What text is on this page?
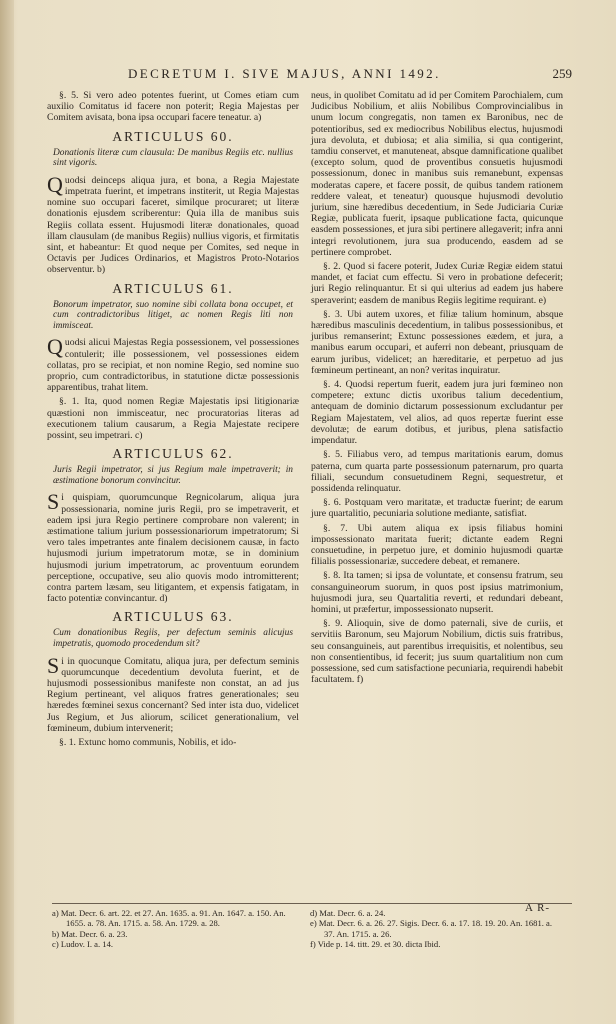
DECRETUM I. SIVE MAJUS, ANNI 1492.	259

§. 5. Si vero adeo potentes fuerint, ut Comes etiam cum auxilio Comitatus id facere non poterit; Regia Majestas per Comitem avisata, bona ipsa occupari facere teneatur. a)

ARTICULUS 60.

Donationis literæ cum clausula: De manibus Regiis etc. nullius sint vigoris.

Quodsi deinceps aliqua jura, et bona, a Regia Majestate impetrata fuerint, et impetrans institerit, ut Regia Majestas nomine suo occupari faceret, similque procuraret; ut literæ donationis ejusdem scriberentur: Quia illa de manibus suis Regiis collata essent. Hujusmodi literæ donationales, quoad illam clausulam (de manibus Regiis) nullius vigoris, et firmitatis sint, et habeantur: Et quod neque per Comites, sed neque in Octavis per Judices Ordinarios, et Magistros Proto-Notarios observentur. b)

ARTICULUS 61.

Bonorum impetrator, suo nomine sibi collata bona occupet, et cum contradictoribus litiget, ac nomen Regis liti non immisceat.

Quodsi alicui Majestas Regia possessionem, vel possessiones contulerit; ille possessionem, vel possessiones eidem collatas, pro se recipiat, et non nomine Regio, sed nomine suo proprio, cum contradictoribus, in statutione dictæ possessionis apparentibus, trahat litem.

§. 1. Ita, quod nomen Regiæ Majestatis ipsi litigionariæ quæstioni non immisceatur, nec procuratorias literas ad executionem talium causarum, a Regia Majestate recipere possint, seu impetrari. c)

ARTICULUS 62.

Juris Regii impetrator, si jus Regium male impetraverit; in æstimatione bonorum convincitur.

Si quispiam, quorumcunque Regnicolarum, aliqua jura possessionaria, nomine juris Regii, pro se impetraverit, et eadem ipsi jura Regio pertinere comprobare non valerent; in æstimatione talium jurium possessionariorum impetratorum; Si vero tales impetrantes ante finalem decisionem causæ, in facto hujusmodi jurium impetratorum motæ, se in dominium hujusmodi jurium impetratorum, ac proventuum eorundem perceptione, occupative, seu alio quovis modo intromitterent; contra partem læsam, seu litigantem, et expensis fatigatam, in facto potentiæ convincantur. d)

ARTICULUS 63.

Cum donationibus Regiis, per defectum seminis alicujus impetratis, quomodo procedendum sit?

Si in quocunque Comitatu, aliqua jura, per defectum seminis quorumcunque decedentium devoluta fuerint, et de hujusmodi possessionibus manifeste non constat, an ad jus Regium pertineant, vel aliquos fratres generationales; seu hæredes fœminei sexus concernant? Sed inter ista duo, videlicet Jus Regium, et Jus aliorum, scilicet generationalium, vel fœmineum, dubium intervenerit;

§. 1. Extunc homo communis, Nobilis, et ido-

neus, in quolibet Comitatu ad id per Comitem Parochialem, cum Judicibus Nobilium, et aliis Nobilibus Comprovincialibus in unum locum congregatis, non tamen ex Baronibus, nec de potentioribus, sed ex mediocribus Nobilibus electus, hujusmodi jura devoluta, et dubiosa; et alia similia, si qua contigerint, tamdiu conservet, et manuteneat, absque damnificatione qualibet (excepto solum, quod de proventibus consuetis hujusmodi possessionum, donec in manibus suis remanebunt, expensas moderatas capere, et facere possit, de quibus tandem rationem reddere valeat, et teneatur) quousque hujusmodi devolutio jurium, sine hæredibus decedentium, in Sede Judiciaria Curiæ Regiæ, publicata fuerit, ipsaque publicatione facta, quicunque easdem possessiones, et jura sibi pertinere allegaverit; infra anni integri revolutionem, jura sua producendo, easdem ad se pertinere comprobet.

§. 2. Quod si facere poterit, Judex Curiæ Regiæ eidem statui mandet, et faciat cum effectu. Si vero in probatione defecerit; juri Regio relinquantur. Et si qui ulterius ad eadem jus habere speraverint; easdem de manibus Regiis legitime requirant. e)

§. 3. Ubi autem uxores, et filiæ talium hominum, absque hæredibus masculinis decedentium, in talibus possessionibus, et juribus remanserint; Extunc possessiones eædem, et jura, a manibus earum occupari, et auferri non debeant, priusquam de earum juribus, videlicet; an hæreditarie, et perpetuo ad jus fœmineum pertineant, an non? veritas inquiratur.

§. 4. Quodsi repertum fuerit, eadem jura juri fœmineo non competere; extunc dictis uxoribus talium decedentium, antequam de dominio dictarum possessionum excludantur per Regiam Majestatem, vel alios, ad quos repertæ fuerint esse devolutæ; de earum dotibus, et juribus, plena satisfactio impendatur.

§. 5. Filiabus vero, ad tempus maritationis earum, domus paterna, cum quarta parte possessionum paternarum, pro quarta filiali, secundum consuetudinem Regni, sequestretur, et possidenda relinquatur.

§. 6. Postquam vero maritatæ, et traductæ fuerint; de earum jure quartalitio, pecuniaria solutione mediante, satisfiat.

§. 7. Ubi autem aliqua ex ipsis filiabus homini impossessionato maritata fuerit; dictante eadem Regni consuetudine, in perpetuo jure, et dominio hujusmodi quartæ filialis possessionariæ, succedere debeat, et remanere.

§. 8. Ita tamen; si ipsa de voluntate, et consensu fratrum, seu consanguineorum suorum, in quos post ipsius matrimonium, hujusmodi jura, seu Quartalitia reverti, et redundari debeant, homini, ut præfertur, impossessionato nupserit.

§. 9. Alioquin, sive de domo paternali, sive de curiis, et servitiis Baronum, seu Majorum Nobilium, dictis suis fratribus, seu consanguineis, aut parentibus irrequisitis, et nolentibus, seu non consentientibus, id fecerit; jus suum quartalitium non cum possessione, sed cum satisfactione pecuniaria, requirendi habebit facultatem. f)

A R-

a) Mat. Decr. 6. art. 22. et 27. An. 1635. a. 91. An. 1647. a. 150. An. 1655. a. 78. An. 1715. a. 58. An. 1729. a. 28.

b) Mat. Decr. 6. a. 23.

c) Ludov. I. a. 14.

d) Mat. Decr. 6. a. 24.

e) Mat. Decr. 6. a. 26. 27. Sigis. Decr. 6. a. 17. 18. 19. 20. An. 1681. a. 37. An. 1715. a. 26.

f) Vide p. 14. titt. 29. et 30. dicta Ibid.
